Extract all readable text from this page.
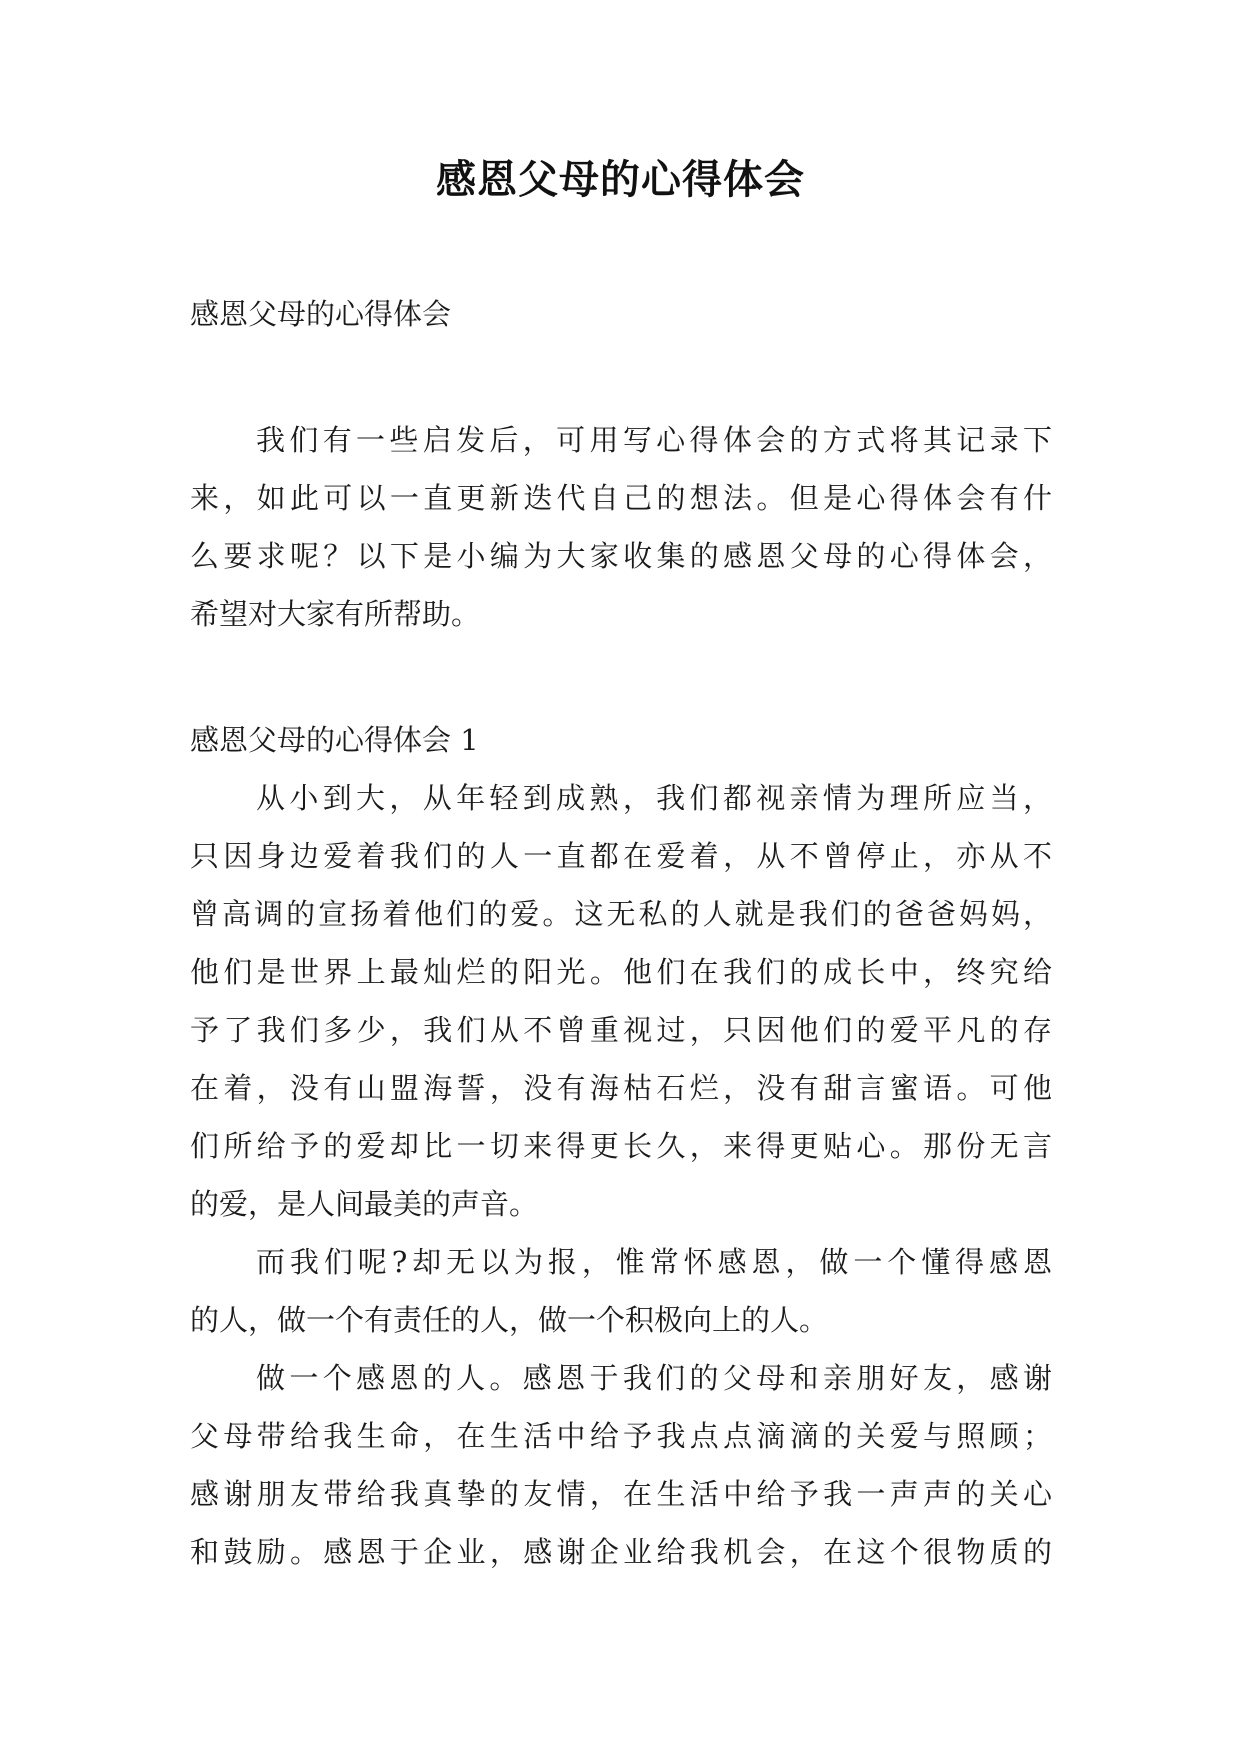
感恩父母的心得体会

感恩父母的心得体会

我们有一些启发后，可用写心得体会的方式将其记录下

来，如此可以一直更新迭代自己的想法。但是心得体会有什

么要求呢？以下是小编为大家收集的感恩父母的心得体会，

希望对大家有所帮助。

感恩父母的心得体会 1

从小到大，从年轻到成熟，我们都视亲情为理所应当，

只因身边爱着我们的人一直都在爱着，从不曾停止，亦从不

曾高调的宣扬着他们的爱。这无私的人就是我们的爸爸妈妈，

他们是世界上最灿烂的阳光。他们在我们的成长中，终究给

予了我们多少，我们从不曾重视过，只因他们的爱平凡的存

在着，没有山盟海誓，没有海枯石烂，没有甜言蜜语。可他

们所给予的爱却比一切来得更长久，来得更贴心。那份无言

的爱，是人间最美的声音。

而我们呢?却无以为报，惟常怀感恩，做一个懂得感恩

的人，做一个有责任的人，做一个积极向上的人。

做一个感恩的人。感恩于我们的父母和亲朋好友，感谢

父母带给我生命，在生活中给予我点点滴滴的关爱与照顾；

感谢朋友带给我真挚的友情，在生活中给予我一声声的关心

和鼓励。感恩于企业，感谢企业给我机会，在这个很物质的
